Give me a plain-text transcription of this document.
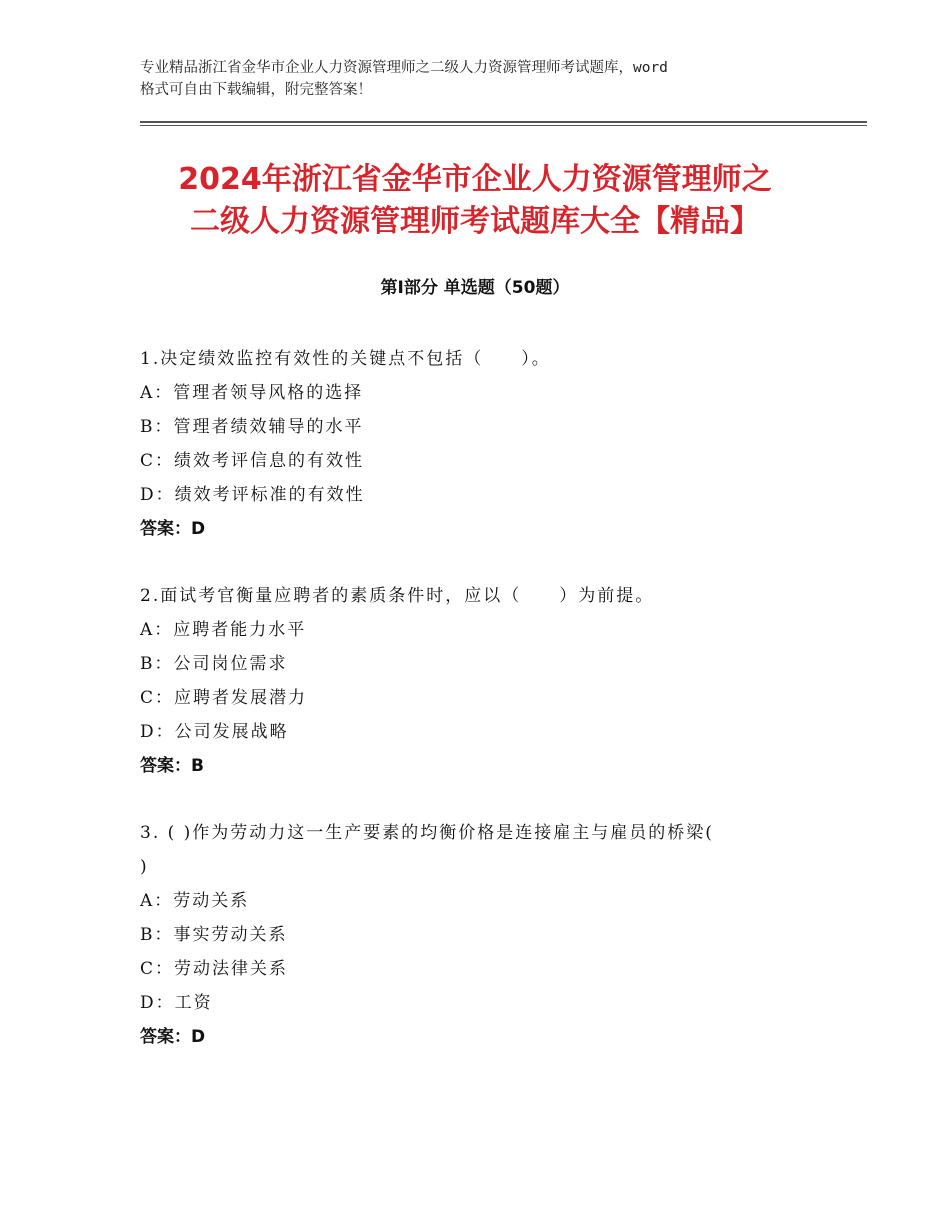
专业精品浙江省金华市企业人力资源管理师之二级人力资源管理师考试题库，word
格式可自由下载编辑，附完整答案！
2024年浙江省金华市企业人力资源管理师之
二级人力资源管理师考试题库大全【精品】
第Ⅰ部分 单选题（50题）
1.决定绩效监控有效性的关键点不包括（　　）。
A：管理者领导风格的选择
B：管理者绩效辅导的水平
C：绩效考评信息的有效性
D：绩效考评标准的有效性
答案：D
2.面试考官衡量应聘者的素质条件时，应以（　　）为前提。
A：应聘者能力水平
B：公司岗位需求
C：应聘者发展潜力
D：公司发展战略
答案：B
3. ( )作为劳动力这一生产要素的均衡价格是连接雇主与雇员的桥梁(
)
A：劳动关系
B：事实劳动关系
C：劳动法律关系
D：工资
答案：D
